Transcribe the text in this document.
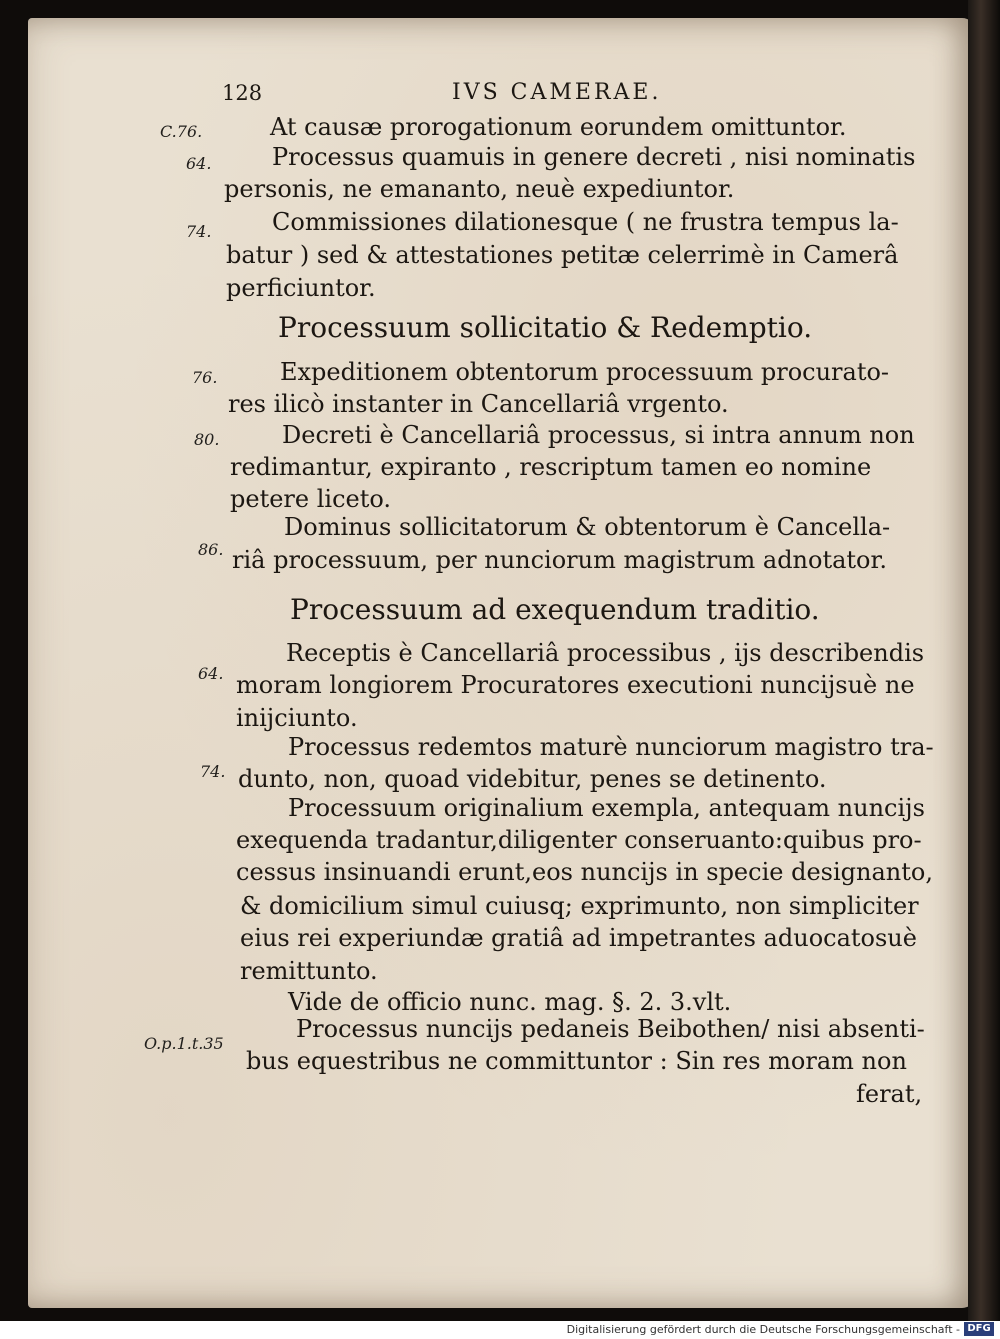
128	IVS CAMERAE.
C.76.	At causæ prorogationum eorundem omittuntor.
64.	Processus quamuis in genere decreti , nisi nominatis
personis, ne emananto, neuè expediuntor.
74.	Commissiones dilationesque ( ne frustra tempus la-
batur ) sed & attestationes petitæ celerrimè in Camerâ
perficiuntor.
Processuum sollicitatio & Redemptio.
76.	Expeditionem obtentorum processuum procurato-
res ilicò instanter in Cancellariâ vrgento.
80.	Decreti è Cancellariâ processus, si intra annum non
redimantur, expiranto , rescriptum tamen eo nomine
petere liceto.
86.
Dominus sollicitatorum & obtentorum è Cancella-
riâ processuum, per nunciorum magistrum adnotator.
Processuum ad exequendum traditio.
64.
Receptis è Cancellariâ processibus , ijs describendis
moram longiorem Procuratores executioni nuncijsuè ne
inijciunto.
74.
Processus redemtos maturè nunciorum magistro tra-
dunto, non, quoad videbitur, penes se detinento.
Processuum originalium exempla, antequam nuncijs
exequenda tradantur,diligenter conseruanto:quibus pro-
cessus insinuandi erunt,eos nuncijs in specie designanto,
& domicilium simul cuiusq; exprimunto, non simpliciter
eius rei experiundæ gratiâ ad impetrantes aduocatosuè
remittunto.
Vide de officio nunc. mag. §. 2. 3.vlt.
O.p.1.t.35
Processus nuncijs pedaneis Beibothen/ nisi absenti-
bus equestribus ne committuntor : Sin res moram non
ferat,
Digitalisierung gefördert durch die Deutsche Forschungsgemeinschaft - DFG
